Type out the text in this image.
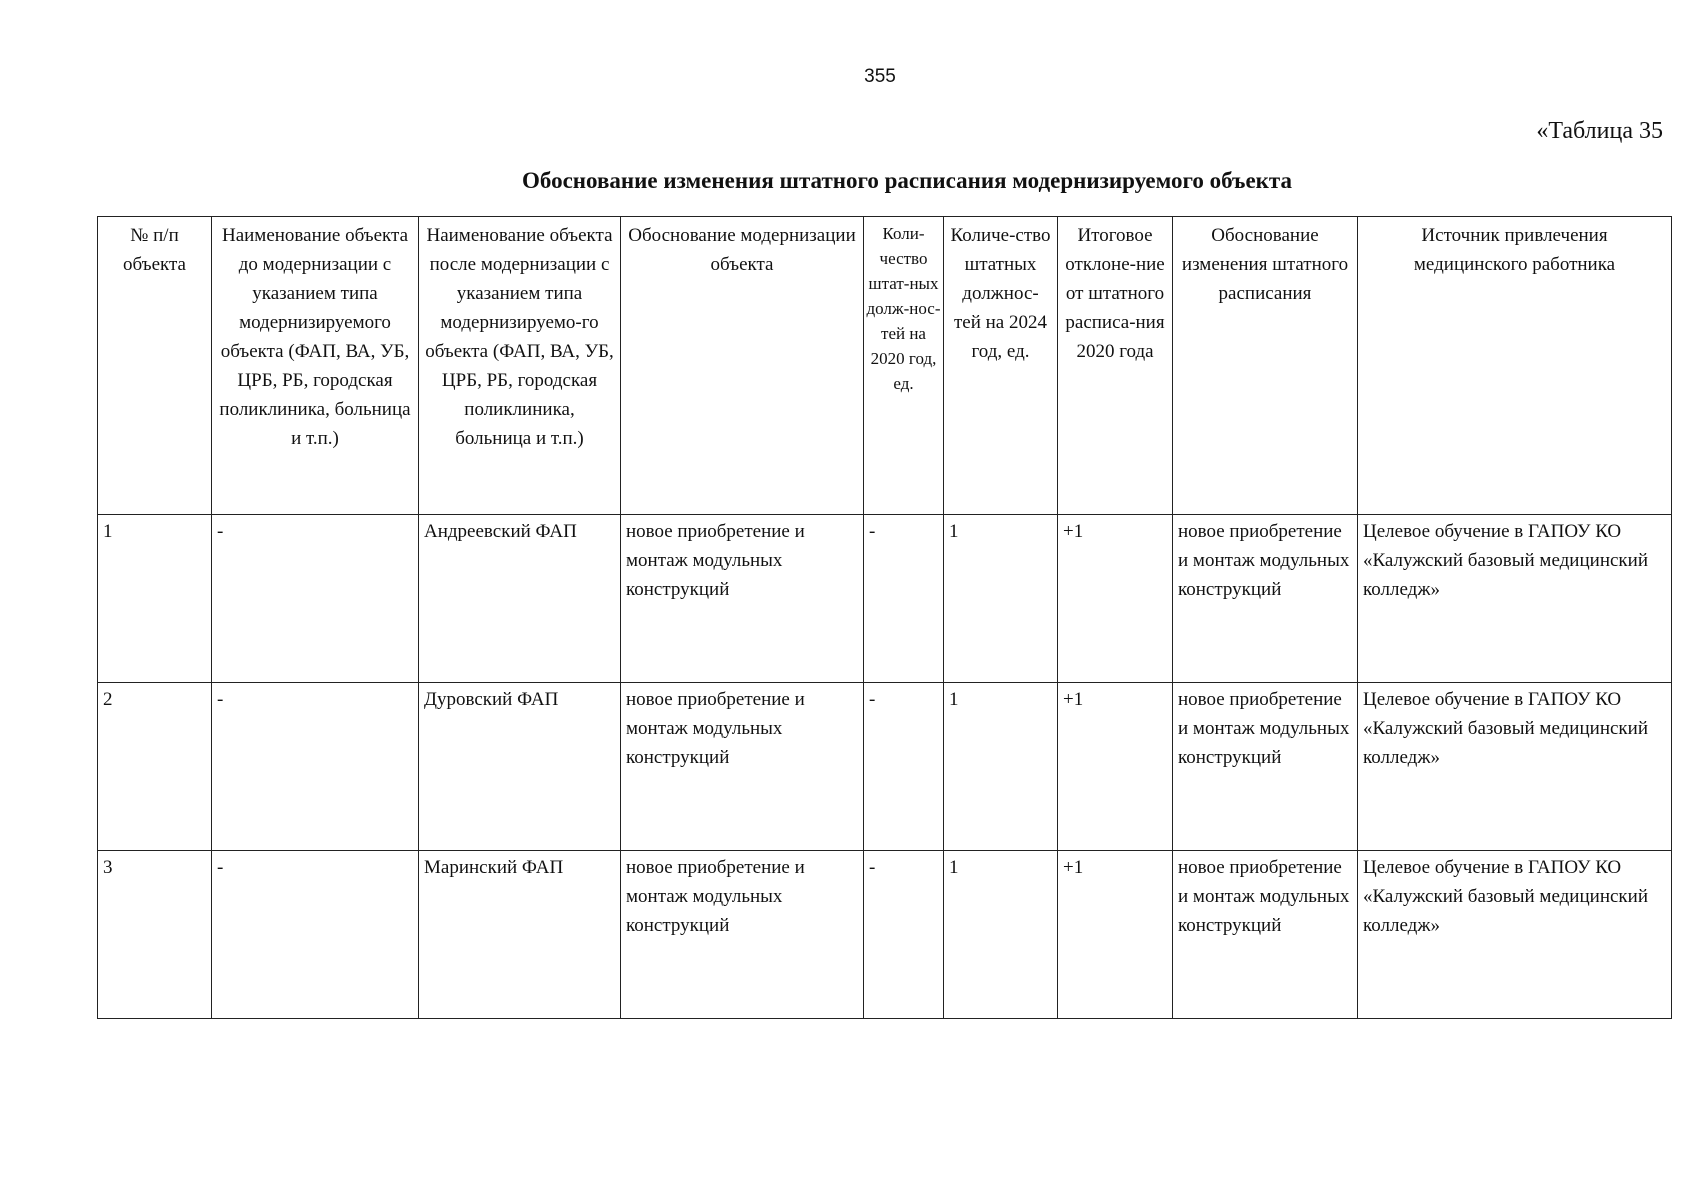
355
«Таблица 35
Обоснование изменения штатного расписания модернизируемого объекта
№ п/п объекта	Наименование объекта до модернизации с указанием типа модернизируемого объекта (ФАП, ВА, УБ, ЦРБ, РБ, городская поликлиника, больница и т.п.)	Наименование объекта после модернизации с указанием типа модернизируемо-го объекта (ФАП, ВА, УБ, ЦРБ, РБ, городская поликлиника, больница и т.п.)	Обоснование модернизации объекта	Коли-чество штат-ных долж-нос-тей на 2020 год, ед.	Количе-ство штатных должнос-тей на 2024 год, ед.	Итоговое отклоне-ние от штатного расписа-ния 2020 года	Обоснование изменения штатного расписания	Источник привлечения медицинского работника
1	-	Андреевский ФАП	новое приобретение и монтаж модульных конструкций	-	1	+1	новое приобретение и монтаж модульных конструкций	Целевое обучение в ГАПОУ КО «Калужский базовый медицинский колледж»
2	-	Дуровский ФАП	новое приобретение и монтаж модульных конструкций	-	1	+1	новое приобретение и монтаж модульных конструкций	Целевое обучение в ГАПОУ КО «Калужский базовый медицинский колледж»
3	-	Маринский ФАП	новое приобретение и монтаж модульных конструкций	-	1	+1	новое приобретение и монтаж модульных конструкций	Целевое обучение в ГАПОУ КО «Калужский базовый медицинский колледж»
